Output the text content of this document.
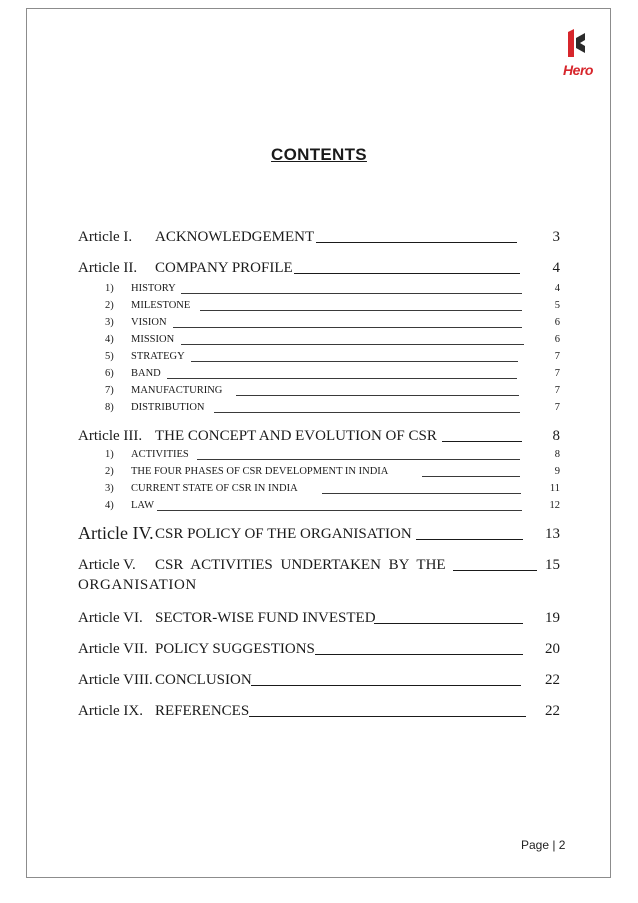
Hero
CONTENTS
Article I. ACKNOWLEDGEMENT	3
Article II. COMPANY PROFILE	4
1) HISTORY	4
2) MILESTONE	5
3) VISION	6
4) MISSION	6
5) STRATEGY	7
6) BAND	7
7) MANUFACTURING	7
8) DISTRIBUTION	7
Article III. THE CONCEPT AND EVOLUTION OF CSR	8
1) ACTIVITIES	8
2) THE FOUR PHASES OF CSR DEVELOPMENT IN INDIA	9
3) CURRENT STATE OF CSR IN INDIA	11
4) LAW	12
Article IV. CSR POLICY OF THE ORGANISATION	13
Article V. CSR ACTIVITIES UNDERTAKEN BY THE	15
ORGANISATION
Article VI. SECTOR-WISE FUND INVESTED	19
Article VII. POLICY SUGGESTIONS	20
Article VIII. CONCLUSION	22
Article IX. REFERENCES	22
Page | 2
